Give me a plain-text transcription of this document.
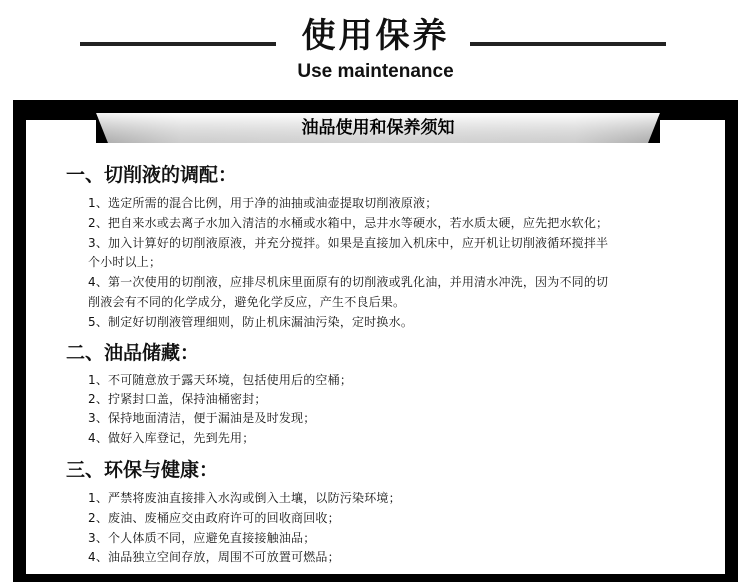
使用保养
Use maintenance
油品使用和保养须知
一、切削液的调配：
1、选定所需的混合比例，用于净的油抽或油壶提取切削液原液；
2、把自来水或去离子水加入清洁的水桶或水箱中，忌井水等硬水，若水质太硬，应先把水软化；
3、加入计算好的切削液原液，并充分搅拌。如果是直接加入机床中，应开机让切削液循环搅拌半
个小时以上；
4、第一次使用的切削液，应排尽机床里面原有的切削液或乳化油，并用清水冲洗，因为不同的切
削液会有不同的化学成分，避免化学反应，产生不良后果。
5、制定好切削液管理细则，防止机床漏油污染，定时换水。
二、油品储藏：
1、不可随意放于露天环境，包括使用后的空桶；
2、拧紧封口盖，保持油桶密封；
3、保持地面清洁，便于漏油是及时发现；
4、做好入库登记，先到先用；
三、环保与健康：
1、严禁将废油直接排入水沟或倒入土壤，以防污染环境；
2、废油、废桶应交由政府许可的回收商回收；
3、个人体质不同，应避免直接接触油品；
4、油品独立空间存放，周围不可放置可燃品；
